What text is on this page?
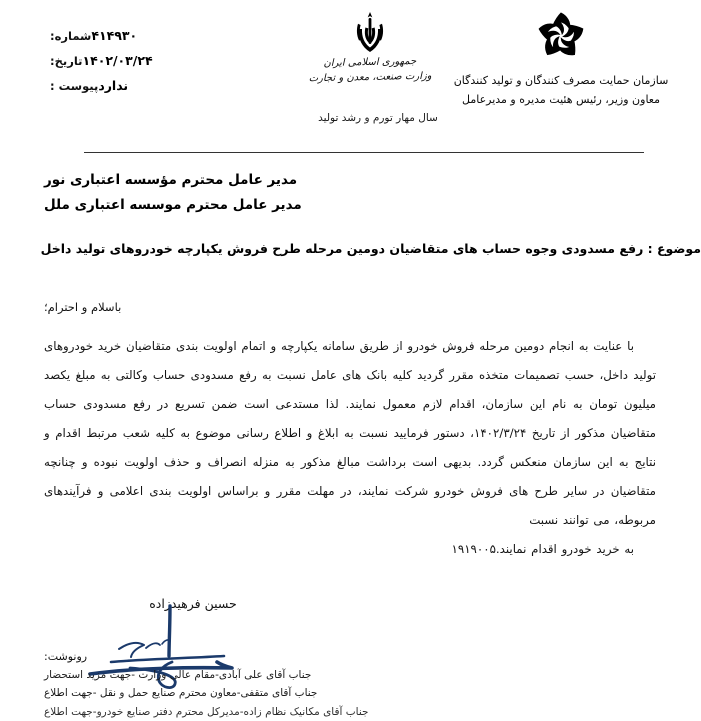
شماره: ۴۱۴۹۳۰
تاریخ: ۱۴۰۲/۰۳/۲۴
پیوست : ندارد
جمهوری اسلامی ایران
وزارت صنعت، معدن و تجارت
سال مهار تورم و رشد تولید
سازمان حمایت مصرف کنندگان و تولید کنندگان
معاون وزیر، رئیس هئیت مدیره و مدیرعامل
مدیر عامل محترم مؤسسه اعتباری نور
مدیر عامل محترم موسسه اعتباری ملل
موضوع : رفع مسدودی وجوه حساب های متقاضیان دومین مرحله طرح فروش یکپارچه خودروهای تولید داخل
باسلام و احترام؛

با عنایت به انجام دومین مرحله فروش خودرو از طریق سامانه یکپارچه و اتمام اولویت بندی متقاضیان خرید خودروهای تولید داخل، حسب تصمیمات متخذه مقرر گردید کلیه بانک های عامل نسبت به رفع مسدودی حساب وکالتی به مبلغ یکصد میلیون تومان به نام این سازمان، اقدام لازم معمول نمایند. لذا مستدعی است ضمن تسریع در رفع مسدودی حساب متقاضیان مذکور از تاریخ ۱۴۰۲/۳/۲۴، دستور فرمایید نسبت به ابلاغ و اطلاع رسانی موضوع به کلیه شعب مرتبط اقدام و نتایج به این سازمان منعکس گردد. بدیهی است برداشت مبالغ مذکور به منزله انصراف و حذف اولویت نبوده و چنانچه متقاضیان در سایر طرح های فروش خودرو شرکت نمایند، در مهلت مقرر و براساس اولویت بندی اعلامی و فرآیندهای مربوطه، می توانند نسبت

به خرید خودرو اقدام نمایند.۱۹۱۹۰۰۵

حسین فرهیدزاده
رونوشت:
جناب آقای علی آبادی-مقام عالی وزارت -جهت مزید استحضار
جناب آقای متقفی-معاون محترم صنایع حمل و نقل -جهت اطلاع
جناب آقای مکانیک نظام زاده-مدیرکل محترم دفتر صنایع خودرو-جهت اطلاع
